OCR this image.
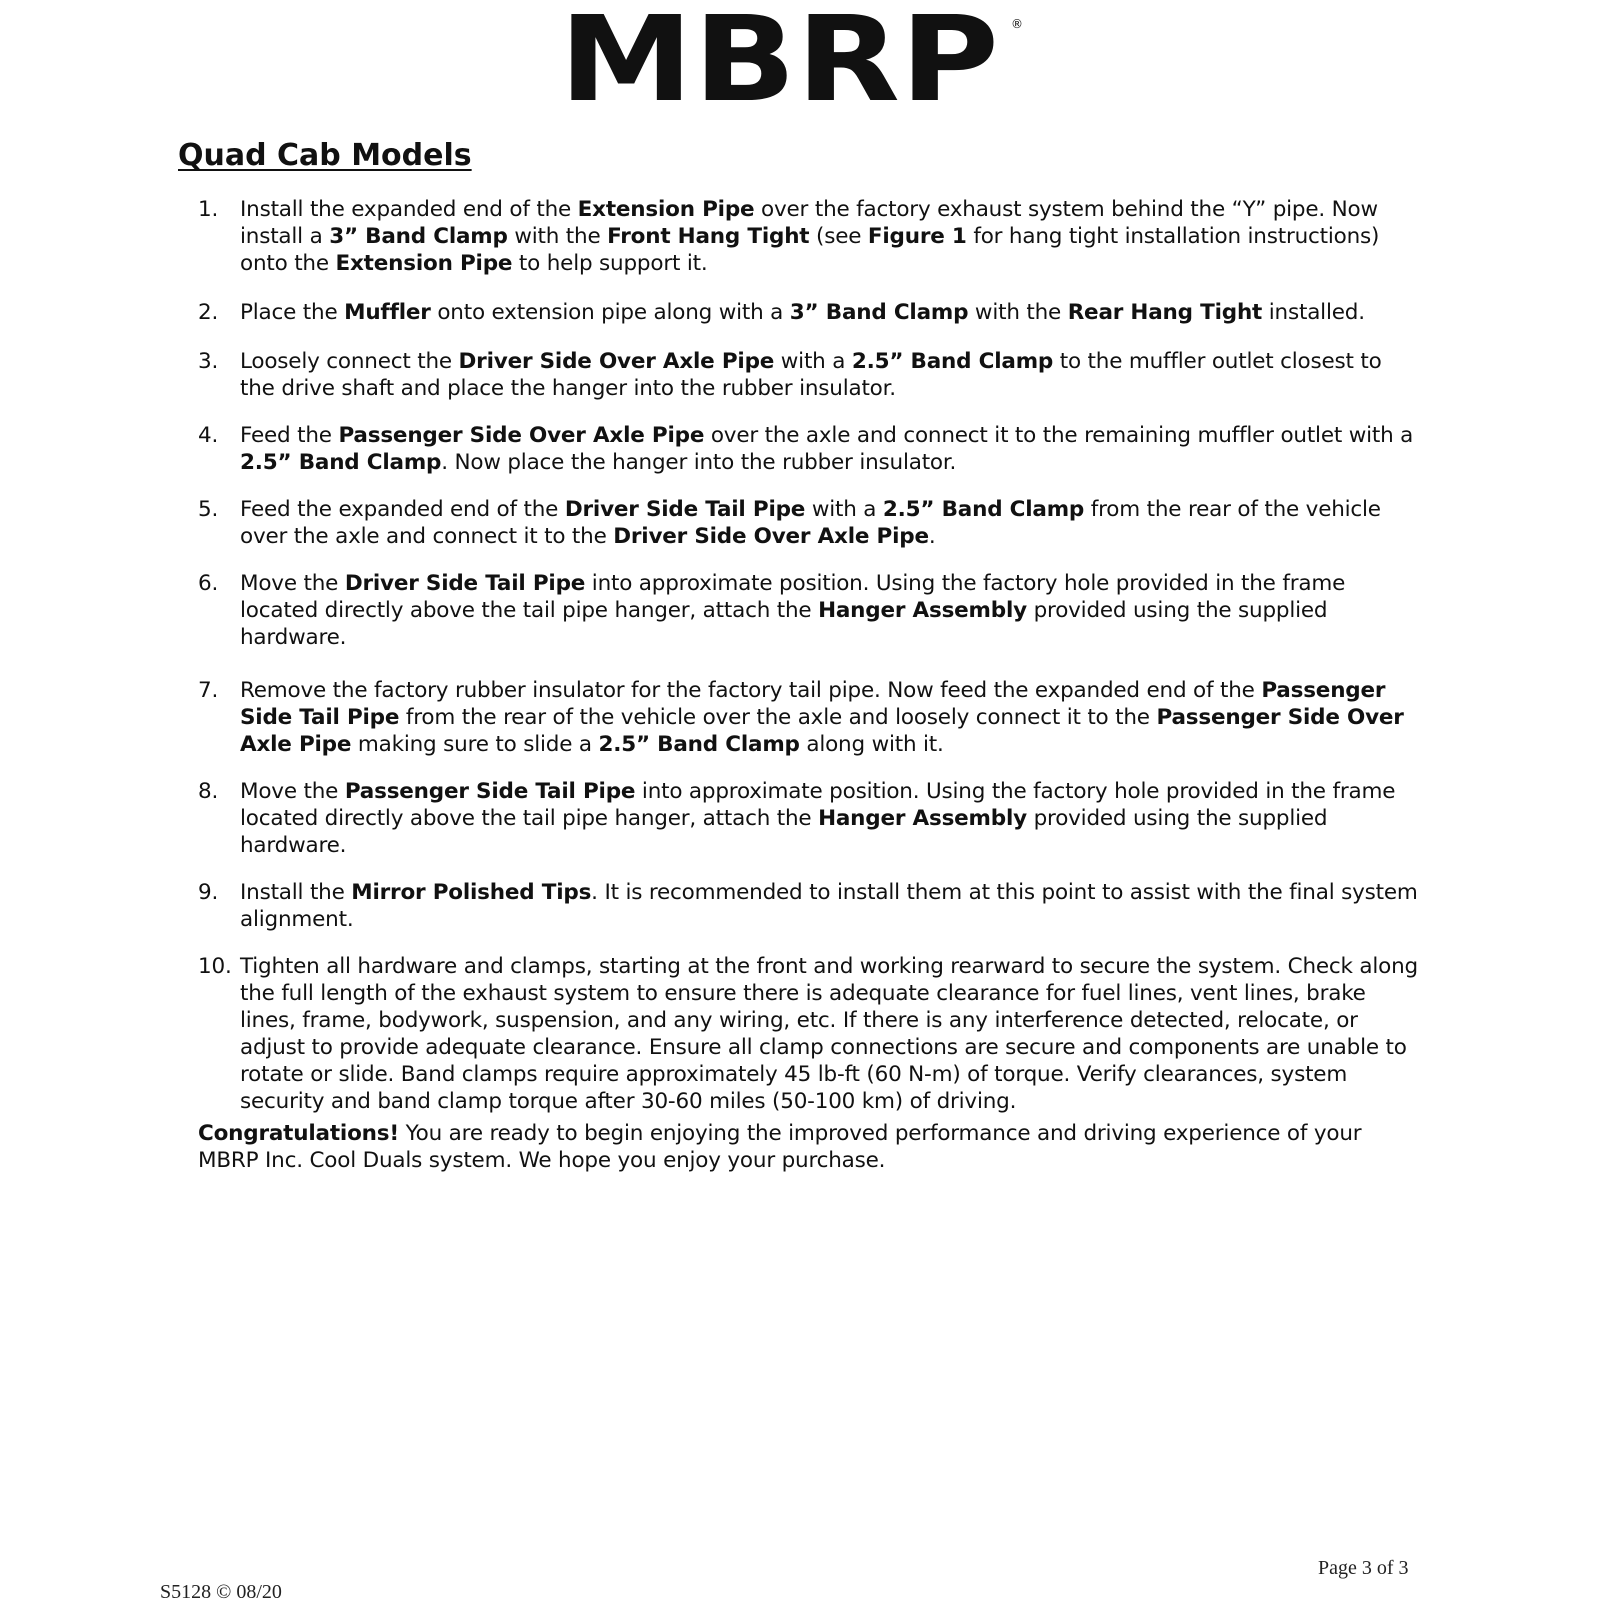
MBRP ®
Quad Cab Models
1. Install the expanded end of the Extension Pipe over the factory exhaust system behind the “Y” pipe. Now install a 3” Band Clamp with the Front Hang Tight (see Figure 1 for hang tight installation instructions) onto the Extension Pipe to help support it.
2. Place the Muffler onto extension pipe along with a 3” Band Clamp with the Rear Hang Tight installed.
3. Loosely connect the Driver Side Over Axle Pipe with a 2.5” Band Clamp to the muffler outlet closest to the drive shaft and place the hanger into the rubber insulator.
4. Feed the Passenger Side Over Axle Pipe over the axle and connect it to the remaining muffler outlet with a 2.5” Band Clamp. Now place the hanger into the rubber insulator.
5. Feed the expanded end of the Driver Side Tail Pipe with a 2.5” Band Clamp from the rear of the vehicle over the axle and connect it to the Driver Side Over Axle Pipe.
6. Move the Driver Side Tail Pipe into approximate position. Using the factory hole provided in the frame located directly above the tail pipe hanger, attach the Hanger Assembly provided using the supplied hardware.
7. Remove the factory rubber insulator for the factory tail pipe. Now feed the expanded end of the Passenger Side Tail Pipe from the rear of the vehicle over the axle and loosely connect it to the Passenger Side Over Axle Pipe making sure to slide a 2.5” Band Clamp along with it.
8. Move the Passenger Side Tail Pipe into approximate position. Using the factory hole provided in the frame located directly above the tail pipe hanger, attach the Hanger Assembly provided using the supplied hardware.
9. Install the Mirror Polished Tips. It is recommended to install them at this point to assist with the final system alignment.
10. Tighten all hardware and clamps, starting at the front and working rearward to secure the system. Check along the full length of the exhaust system to ensure there is adequate clearance for fuel lines, vent lines, brake lines, frame, bodywork, suspension, and any wiring, etc. If there is any interference detected, relocate, or adjust to provide adequate clearance. Ensure all clamp connections are secure and components are unable to rotate or slide. Band clamps require approximately 45 lb-ft (60 N-m) of torque. Verify clearances, system security and band clamp torque after 30-60 miles (50-100 km) of driving.

Congratulations! You are ready to begin enjoying the improved performance and driving experience of your MBRP Inc. Cool Duals system. We hope you enjoy your purchase.

Page 3 of 3
S5128 © 08/20
